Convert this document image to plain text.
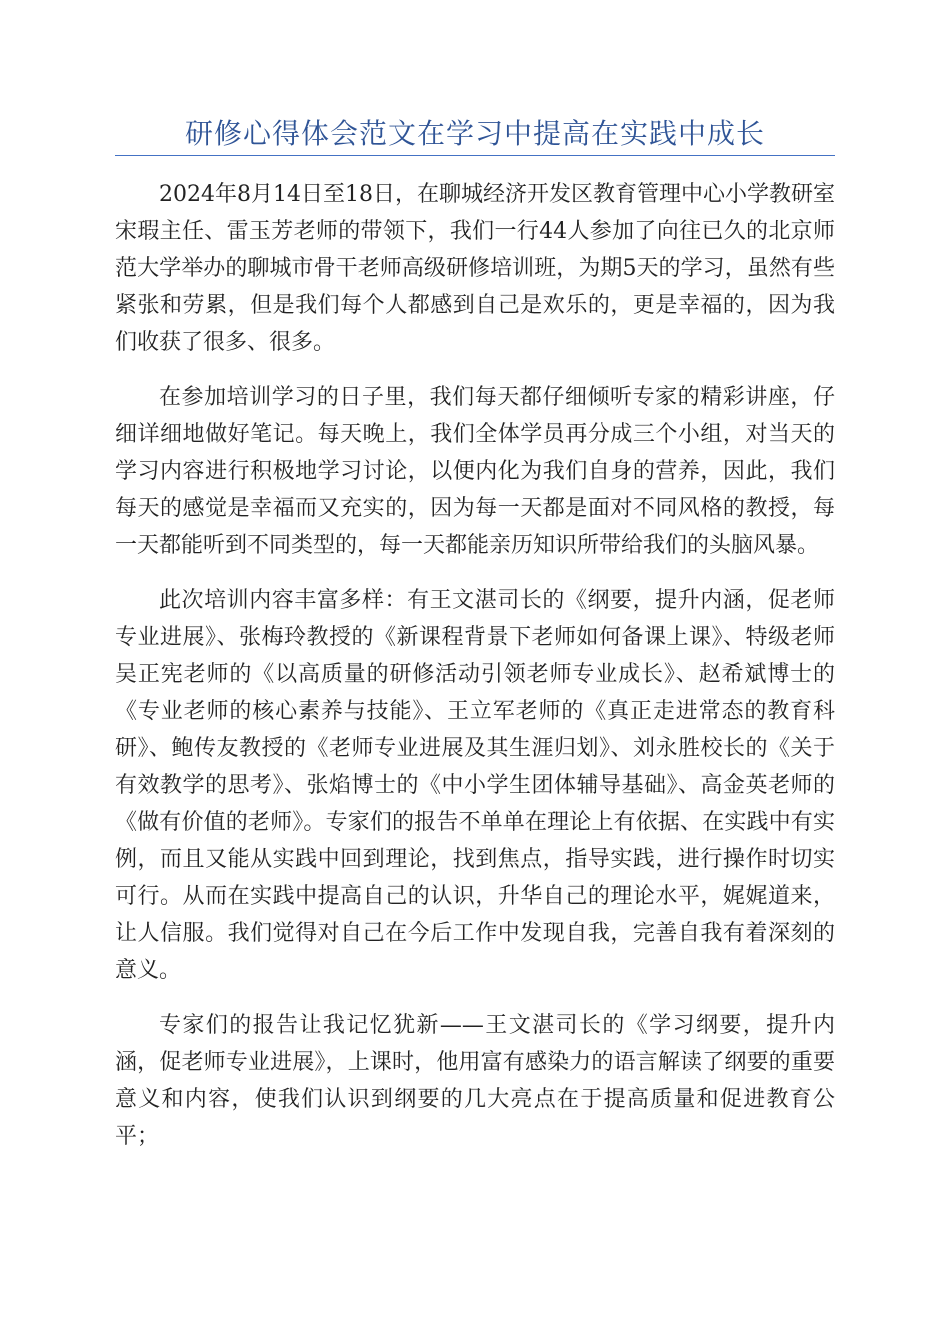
研修心得体会范文在学习中提高在实践中成长

2024年8月14日至18日，在聊城经济开发区教育管理中心小学教研室宋瑕主任、雷玉芳老师的带领下，我们一行44人参加了向往已久的北京师范大学举办的聊城市骨干老师高级研修培训班，为期5天的学习，虽然有些紧张和劳累，但是我们每个人都感到自己是欢乐的，更是幸福的，因为我们收获了很多、很多。

在参加培训学习的日子里，我们每天都仔细倾听专家的精彩讲座，仔细详细地做好笔记。每天晚上，我们全体学员再分成三个小组，对当天的学习内容进行积极地学习讨论，以便内化为我们自身的营养，因此，我们每天的感觉是幸福而又充实的，因为每一天都是面对不同风格的教授，每一天都能听到不同类型的，每一天都能亲历知识所带给我们的头脑风暴。

此次培训内容丰富多样：有王文湛司长的《纲要，提升内涵，促老师专业进展》、张梅玲教授的《新课程背景下老师如何备课上课》、特级老师吴正宪老师的《以高质量的研修活动引领老师专业成长》、赵希斌博士的《专业老师的核心素养与技能》、王立军老师的《真正走进常态的教育科研》、鲍传友教授的《老师专业进展及其生涯归划》、刘永胜校长的《关于有效教学的思考》、张焰博士的《中小学生团体辅导基础》、高金英老师的《做有价值的老师》。专家们的报告不单单在理论上有依据、在实践中有实例，而且又能从实践中回到理论，找到焦点，指导实践，进行操作时切实可行。从而在实践中提高自己的认识，升华自己的理论水平，娓娓道来，让人信服。我们觉得对自己在今后工作中发现自我，完善自我有着深刻的意义。

专家们的报告让我记忆犹新——王文湛司长的《学习纲要，提升内涵，促老师专业进展》，上课时，他用富有感染力的语言解读了纲要的重要意义和内容，使我们认识到纲要的几大亮点在于提高质量和促进教育公平；
